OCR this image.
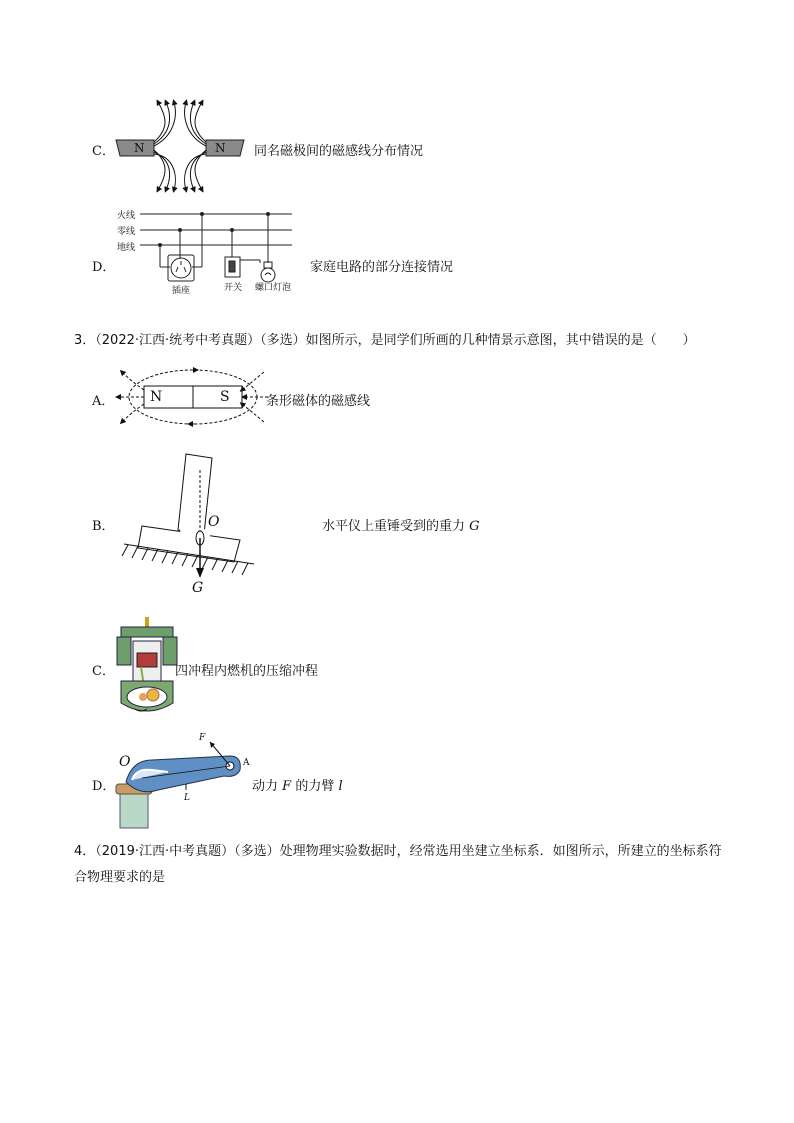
C． N	N 同名磁极间的磁感线分布情况
D．
火线
零线
地线
插座	开关 螺口灯泡
家庭电路的部分连接情况
3．（2022·江西·统考中考真题）（多选）如图所示，是同学们所画的几种情景示意图，其中错误的是（　　）
A．	N	S	条形磁体的磁感线
B．	O
G
水平仪上重锤受到的重力 G
C．	四冲程内燃机的压缩冲程
D．
O	A
F
L
动力 F 的力臂 l
4．（2019·江西·中考真题）（多选）处理物理实验数据时，经常选用坐建立坐标系．如图所示，所建立的坐标系符合物理要求的是
